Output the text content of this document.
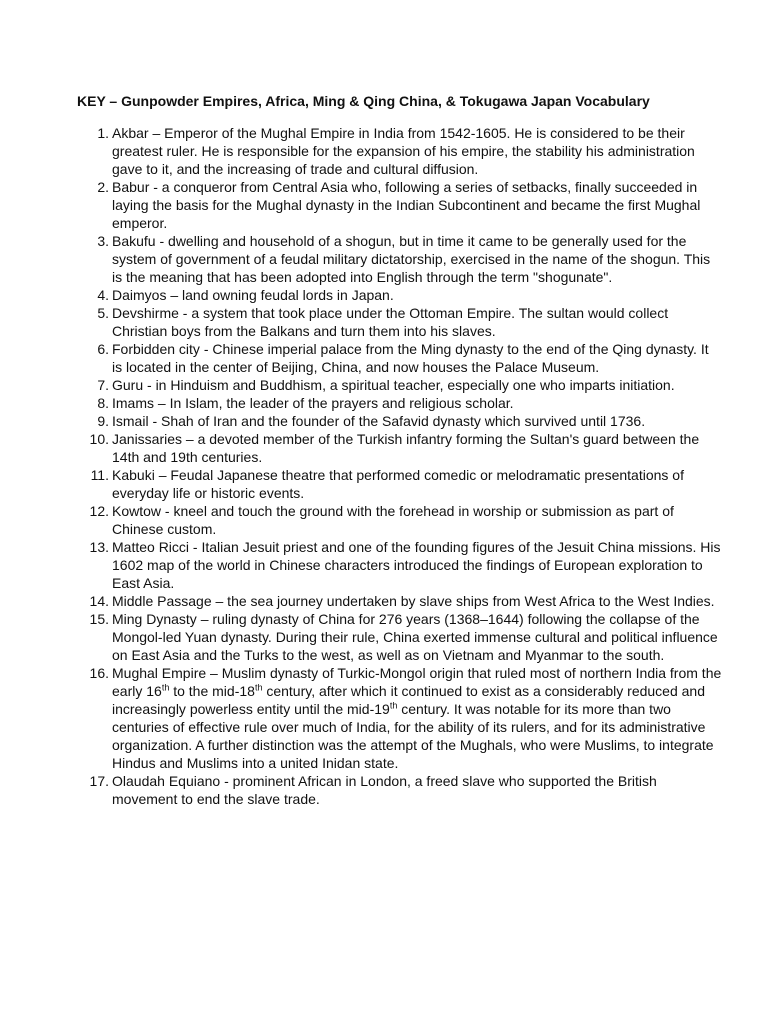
KEY – Gunpowder Empires, Africa, Ming & Qing China, & Tokugawa Japan Vocabulary
1. Akbar – Emperor of the Mughal Empire in India from 1542-1605. He is considered to be their greatest ruler. He is responsible for the expansion of his empire, the stability his administration gave to it, and the increasing of trade and cultural diffusion.
2. Babur - a conqueror from Central Asia who, following a series of setbacks, finally succeeded in laying the basis for the Mughal dynasty in the Indian Subcontinent and became the first Mughal emperor.
3. Bakufu - dwelling and household of a shogun, but in time it came to be generally used for the system of government of a feudal military dictatorship, exercised in the name of the shogun. This is the meaning that has been adopted into English through the term "shogunate".
4. Daimyos – land owning feudal lords in Japan.
5. Devshirme - a system that took place under the Ottoman Empire. The sultan would collect Christian boys from the Balkans and turn them into his slaves.
6. Forbidden city - Chinese imperial palace from the Ming dynasty to the end of the Qing dynasty. It is located in the center of Beijing, China, and now houses the Palace Museum.
7. Guru - in Hinduism and Buddhism, a spiritual teacher, especially one who imparts initiation.
8. Imams – In Islam, the leader of the prayers and religious scholar.
9. Ismail - Shah of Iran and the founder of the Safavid dynasty which survived until 1736.
10. Janissaries – a devoted member of the Turkish infantry forming the Sultan's guard between the 14th and 19th centuries.
11. Kabuki – Feudal Japanese theatre that performed comedic or melodramatic presentations of everyday life or historic events.
12. Kowtow - kneel and touch the ground with the forehead in worship or submission as part of Chinese custom.
13. Matteo Ricci - Italian Jesuit priest and one of the founding figures of the Jesuit China missions. His 1602 map of the world in Chinese characters introduced the findings of European exploration to East Asia.
14. Middle Passage – the sea journey undertaken by slave ships from West Africa to the West Indies.
15. Ming Dynasty – ruling dynasty of China for 276 years (1368–1644) following the collapse of the Mongol-led Yuan dynasty. During their rule, China exerted immense cultural and political influence on East Asia and the Turks to the west, as well as on Vietnam and Myanmar to the south.
16. Mughal Empire – Muslim dynasty of Turkic-Mongol origin that ruled most of northern India from the early 16th to the mid-18th century, after which it continued to exist as a considerably reduced and increasingly powerless entity until the mid-19th century. It was notable for its more than two centuries of effective rule over much of India, for the ability of its rulers, and for its administrative organization. A further distinction was the attempt of the Mughals, who were Muslims, to integrate Hindus and Muslims into a united Inidan state.
17. Olaudah Equiano - prominent African in London, a freed slave who supported the British movement to end the slave trade.
